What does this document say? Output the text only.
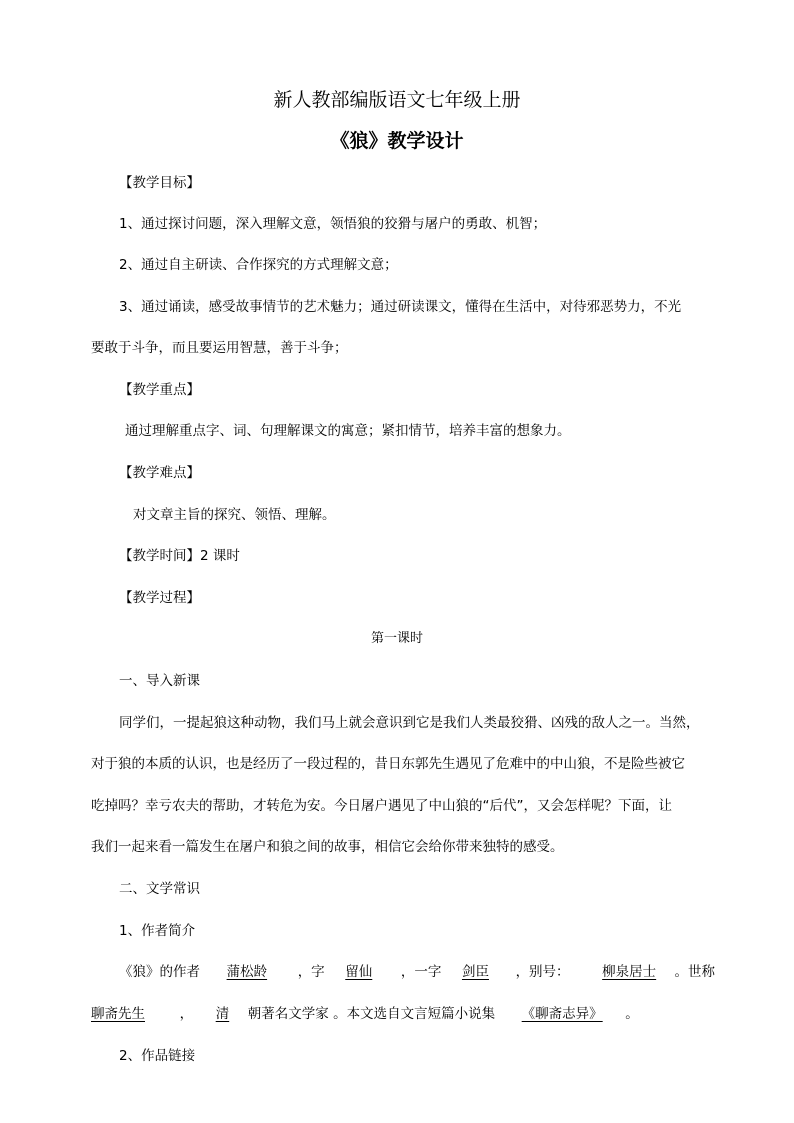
新人教部编版语文七年级上册
《狼》教学设计
【教学目标】
1、通过探讨问题，深入理解文意，领悟狼的狡猾与屠户的勇敢、机智；
2、通过自主研读、合作探究的方式理解文意；
3、通过诵读，感受故事情节的艺术魅力；通过研读课文，懂得在生活中，对待邪恶势力，不光
要敢于斗争，而且要运用智慧，善于斗争；
【教学重点】
通过理解重点字、词、句理解课文的寓意；紧扣情节，培养丰富的想象力。
【教学难点】
对文章主旨的探究、领悟、理解。
【教学时间】2 课时
【教学过程】
第一课时
一、导入新课
同学们，一提起狼这种动物，我们马上就会意识到它是我们人类最狡猾、凶残的敌人之一。当然，
对于狼的本质的认识，也是经历了一段过程的，昔日东郭先生遇见了危难中的中山狼，不是险些被它
吃掉吗？幸亏农夫的帮助，才转危为安。今日屠户遇见了中山狼的“后代”，又会怎样呢？下面，让
我们一起来看一篇发生在屠户和狼之间的故事，相信它会给你带来独特的感受。
二、文学常识
1、作者简介
《狼》的作者 蒲松龄 ，字 留仙 ，一字 剑臣 ，别号： 柳泉居士 。世称
聊斋先生	， 清 朝著名文学家 。本文选自文言短篇小说集 《聊斋志异》 。
2、作品链接
